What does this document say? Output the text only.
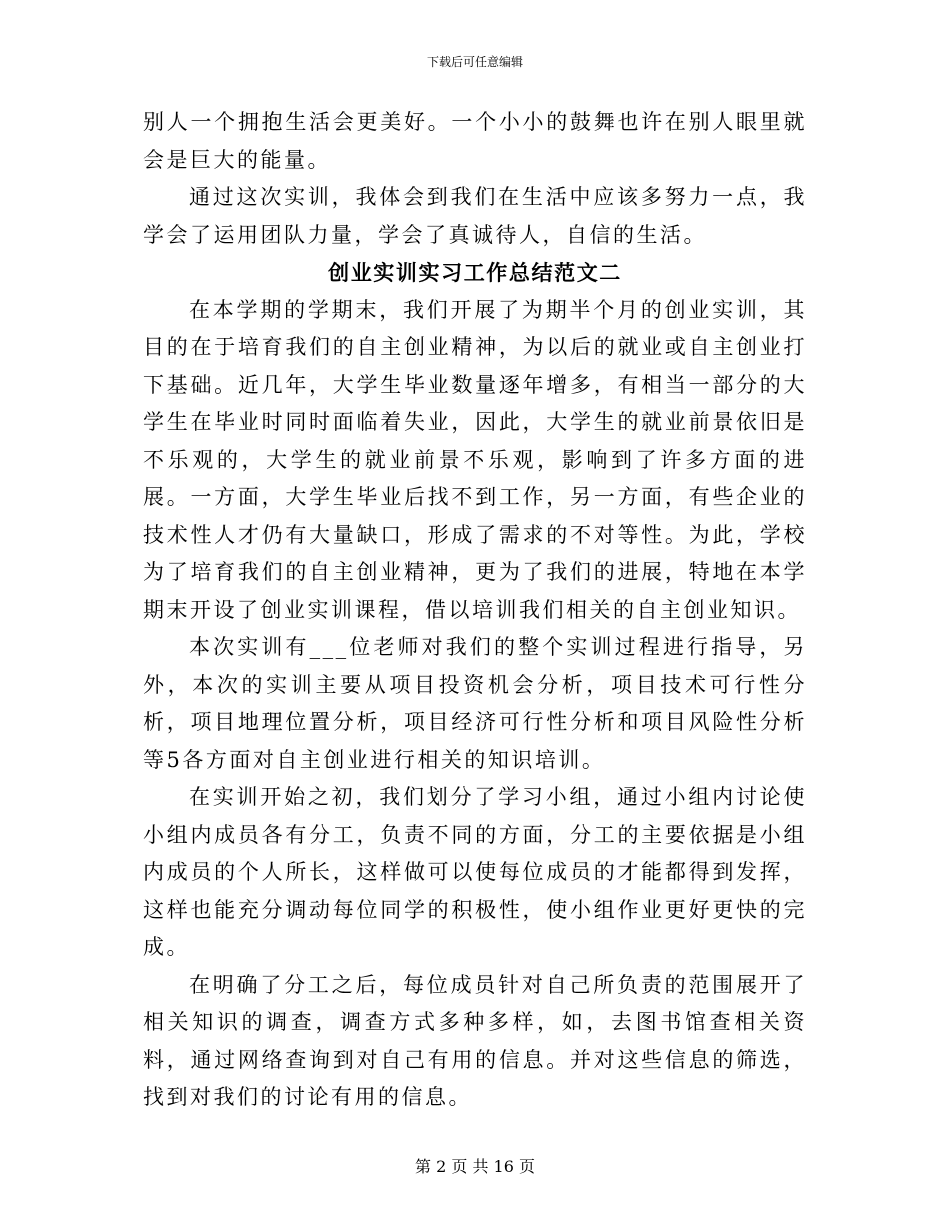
下载后可任意编辑

别人一个拥抱生活会更美好。一个小小的鼓舞也许在别人眼里就会是巨大的能量。

通过这次实训，我体会到我们在生活中应该多努力一点，我学会了运用团队力量，学会了真诚待人，自信的生活。

创业实训实习工作总结范文二

在本学期的学期末，我们开展了为期半个月的创业实训，其目的在于培育我们的自主创业精神，为以后的就业或自主创业打下基础。近几年，大学生毕业数量逐年增多，有相当一部分的大学生在毕业时同时面临着失业，因此，大学生的就业前景依旧是不乐观的，大学生的就业前景不乐观，影响到了许多方面的进展。一方面，大学生毕业后找不到工作，另一方面，有些企业的技术性人才仍有大量缺口，形成了需求的不对等性。为此，学校为了培育我们的自主创业精神，更为了我们的进展，特地在本学期末开设了创业实训课程，借以培训我们相关的自主创业知识。

本次实训有___位老师对我们的整个实训过程进行指导，另外，本次的实训主要从项目投资机会分析，项目技术可行性分析，项目地理位置分析，项目经济可行性分析和项目风险性分析等5各方面对自主创业进行相关的知识培训。

在实训开始之初，我们划分了学习小组，通过小组内讨论使小组内成员各有分工，负责不同的方面，分工的主要依据是小组内成员的个人所长，这样做可以使每位成员的才能都得到发挥，这样也能充分调动每位同学的积极性，使小组作业更好更快的完成。

在明确了分工之后，每位成员针对自己所负责的范围展开了相关知识的调查，调查方式多种多样，如，去图书馆查相关资料，通过网络查询到对自己有用的信息。并对这些信息的筛选，找到对我们的讨论有用的信息。

第 2 页 共 16 页
